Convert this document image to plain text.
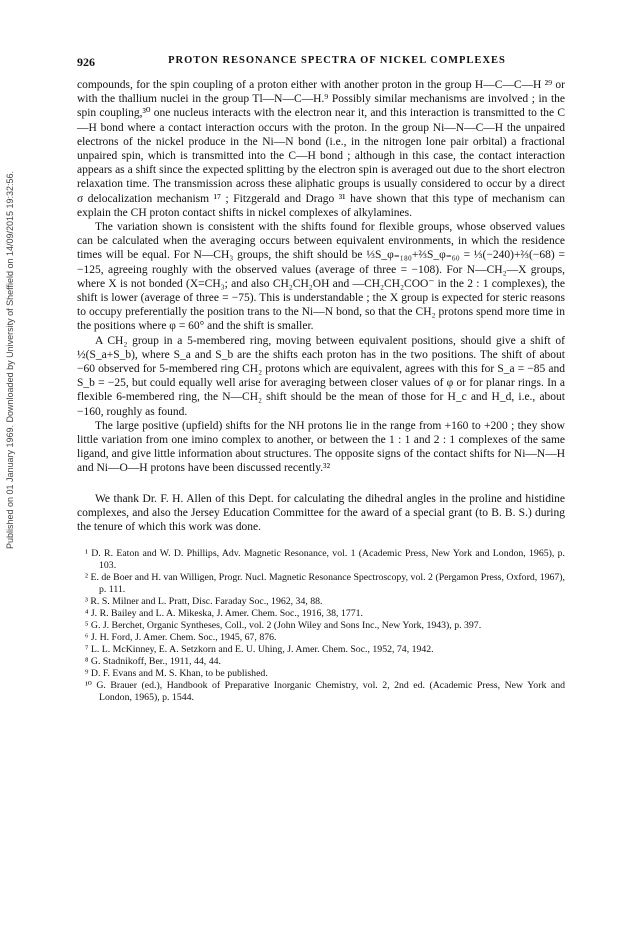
Published on 01 January 1969. Downloaded by University of Sheffield on 14/09/2015 19:32:56.
926	PROTON RESONANCE SPECTRA OF NICKEL COMPLEXES

compounds, for the spin coupling of a proton either with another proton in the group H—C—C—H ²⁹ or with the thallium nuclei in the group Tl—N—C—H.⁹ Possibly similar mechanisms are involved ; in the spin coupling,³⁰ one nucleus interacts with the electron near it, and this interaction is transmitted to the C—H bond where a contact interaction occurs with the proton. In the group Ni—N—C—H the unpaired electrons of the nickel produce in the Ni—N bond (i.e., in the nitrogen lone pair orbital) a fractional unpaired spin, which is transmitted into the C—H bond ; although in this case, the contact interaction appears as a shift since the expected splitting by the electron spin is averaged out due to the short electron relaxation time. The transmission across these aliphatic groups is usually considered to occur by a direct σ delocalization mechanism ¹⁷ ; Fitzgerald and Drago ³¹ have shown that this type of mechanism can explain the CH proton contact shifts in nickel complexes of alkylamines.

The variation shown is consistent with the shifts found for flexible groups, whose observed values can be calculated when the averaging occurs between equivalent environments, in which the residence times will be equal. For N—CH₃ groups, the shift should be ⅓S_φ₌₁₈₀+⅔S_φ₌₆₀ = ⅓(−240)+⅔(−68) = −125, agreeing roughly with the observed values (average of three = −108). For N—CH₂—X groups, where X is not bonded (X=CH₃; and also CH₂CH₂OH and —CH₂CH₂COO⁻ in the 2 : 1 complexes), the shift is lower (average of three = −75). This is understandable ; the X group is expected for steric reasons to occupy preferentially the position trans to the Ni—N bond, so that the CH₂ protons spend more time in the positions where φ = 60° and the shift is smaller.

A CH₂ group in a 5-membered ring, moving between equivalent positions, should give a shift of ½(S_a+S_b), where S_a and S_b are the shifts each proton has in the two positions. The shift of about −60 observed for 5-membered ring CH₂ protons which are equivalent, agrees with this for S_a = −85 and S_b = −25, but could equally well arise for averaging between closer values of φ or for planar rings. In a flexible 6-membered ring, the N—CH₂ shift should be the mean of those for H_c and H_d, i.e., about −160, roughly as found.

The large positive (upfield) shifts for the NH protons lie in the range from +160 to +200 ; they show little variation from one imino complex to another, or between the 1 : 1 and 2 : 1 complexes of the same ligand, and give little information about structures. The opposite signs of the contact shifts for Ni—N—H and Ni—O—H protons have been discussed recently.³²

We thank Dr. F. H. Allen of this Dept. for calculating the dihedral angles in the proline and histidine complexes, and also the Jersey Education Committee for the award of a special grant (to B. B. S.) during the tenure of which this work was done.

¹ D. R. Eaton and W. D. Phillips, Adv. Magnetic Resonance, vol. 1 (Academic Press, New York and London, 1965), p. 103.

² E. de Boer and H. van Willigen, Progr. Nucl. Magnetic Resonance Spectroscopy, vol. 2 (Pergamon Press, Oxford, 1967), p. 111.

³ R. S. Milner and L. Pratt, Disc. Faraday Soc., 1962, 34, 88.

⁴ J. R. Bailey and L. A. Mikeska, J. Amer. Chem. Soc., 1916, 38, 1771.

⁵ G. J. Berchet, Organic Syntheses, Coll., vol. 2 (John Wiley and Sons Inc., New York, 1943), p. 397.

⁶ J. H. Ford, J. Amer. Chem. Soc., 1945, 67, 876.

⁷ L. L. McKinney, E. A. Setzkorn and E. U. Uhing, J. Amer. Chem. Soc., 1952, 74, 1942.

⁸ G. Stadnikoff, Ber., 1911, 44, 44.

⁹ D. F. Evans and M. S. Khan, to be published.

¹⁰ G. Brauer (ed.), Handbook of Preparative Inorganic Chemistry, vol. 2, 2nd ed. (Academic Press, New York and London, 1965), p. 1544.
